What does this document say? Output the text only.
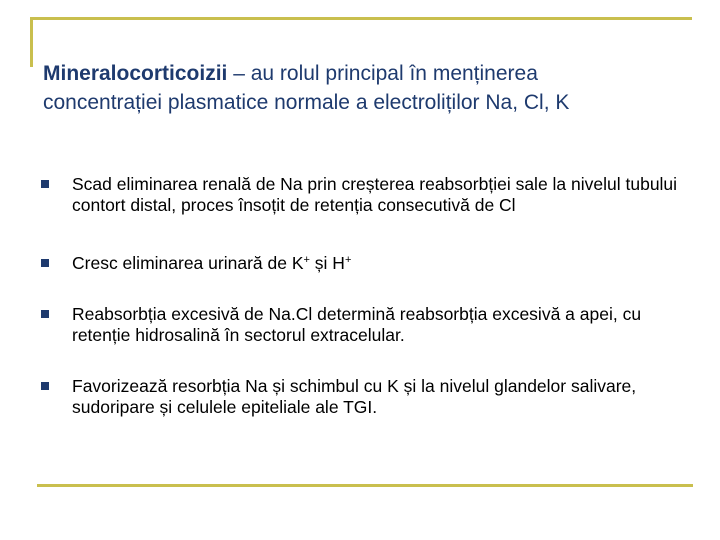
Mineralocorticoizii – au rolul principal în menținerea
concentrației plasmatice normale a electroliților Na, Cl, K
Scad eliminarea renală de Na prin creșterea reabsorbției sale la nivelul tubului contort distal, proces însoțit de retenția consecutivă de Cl
Cresc eliminarea urinară de K+ și H+
Reabsorbția excesivă de Na.Cl determină reabsorbția excesivă a apei, cu retenție hidrosalină în sectorul extracelular.
Favorizează resorbția Na și schimbul cu K și la nivelul glandelor salivare, sudoripare și celulele epiteliale ale TGI.
